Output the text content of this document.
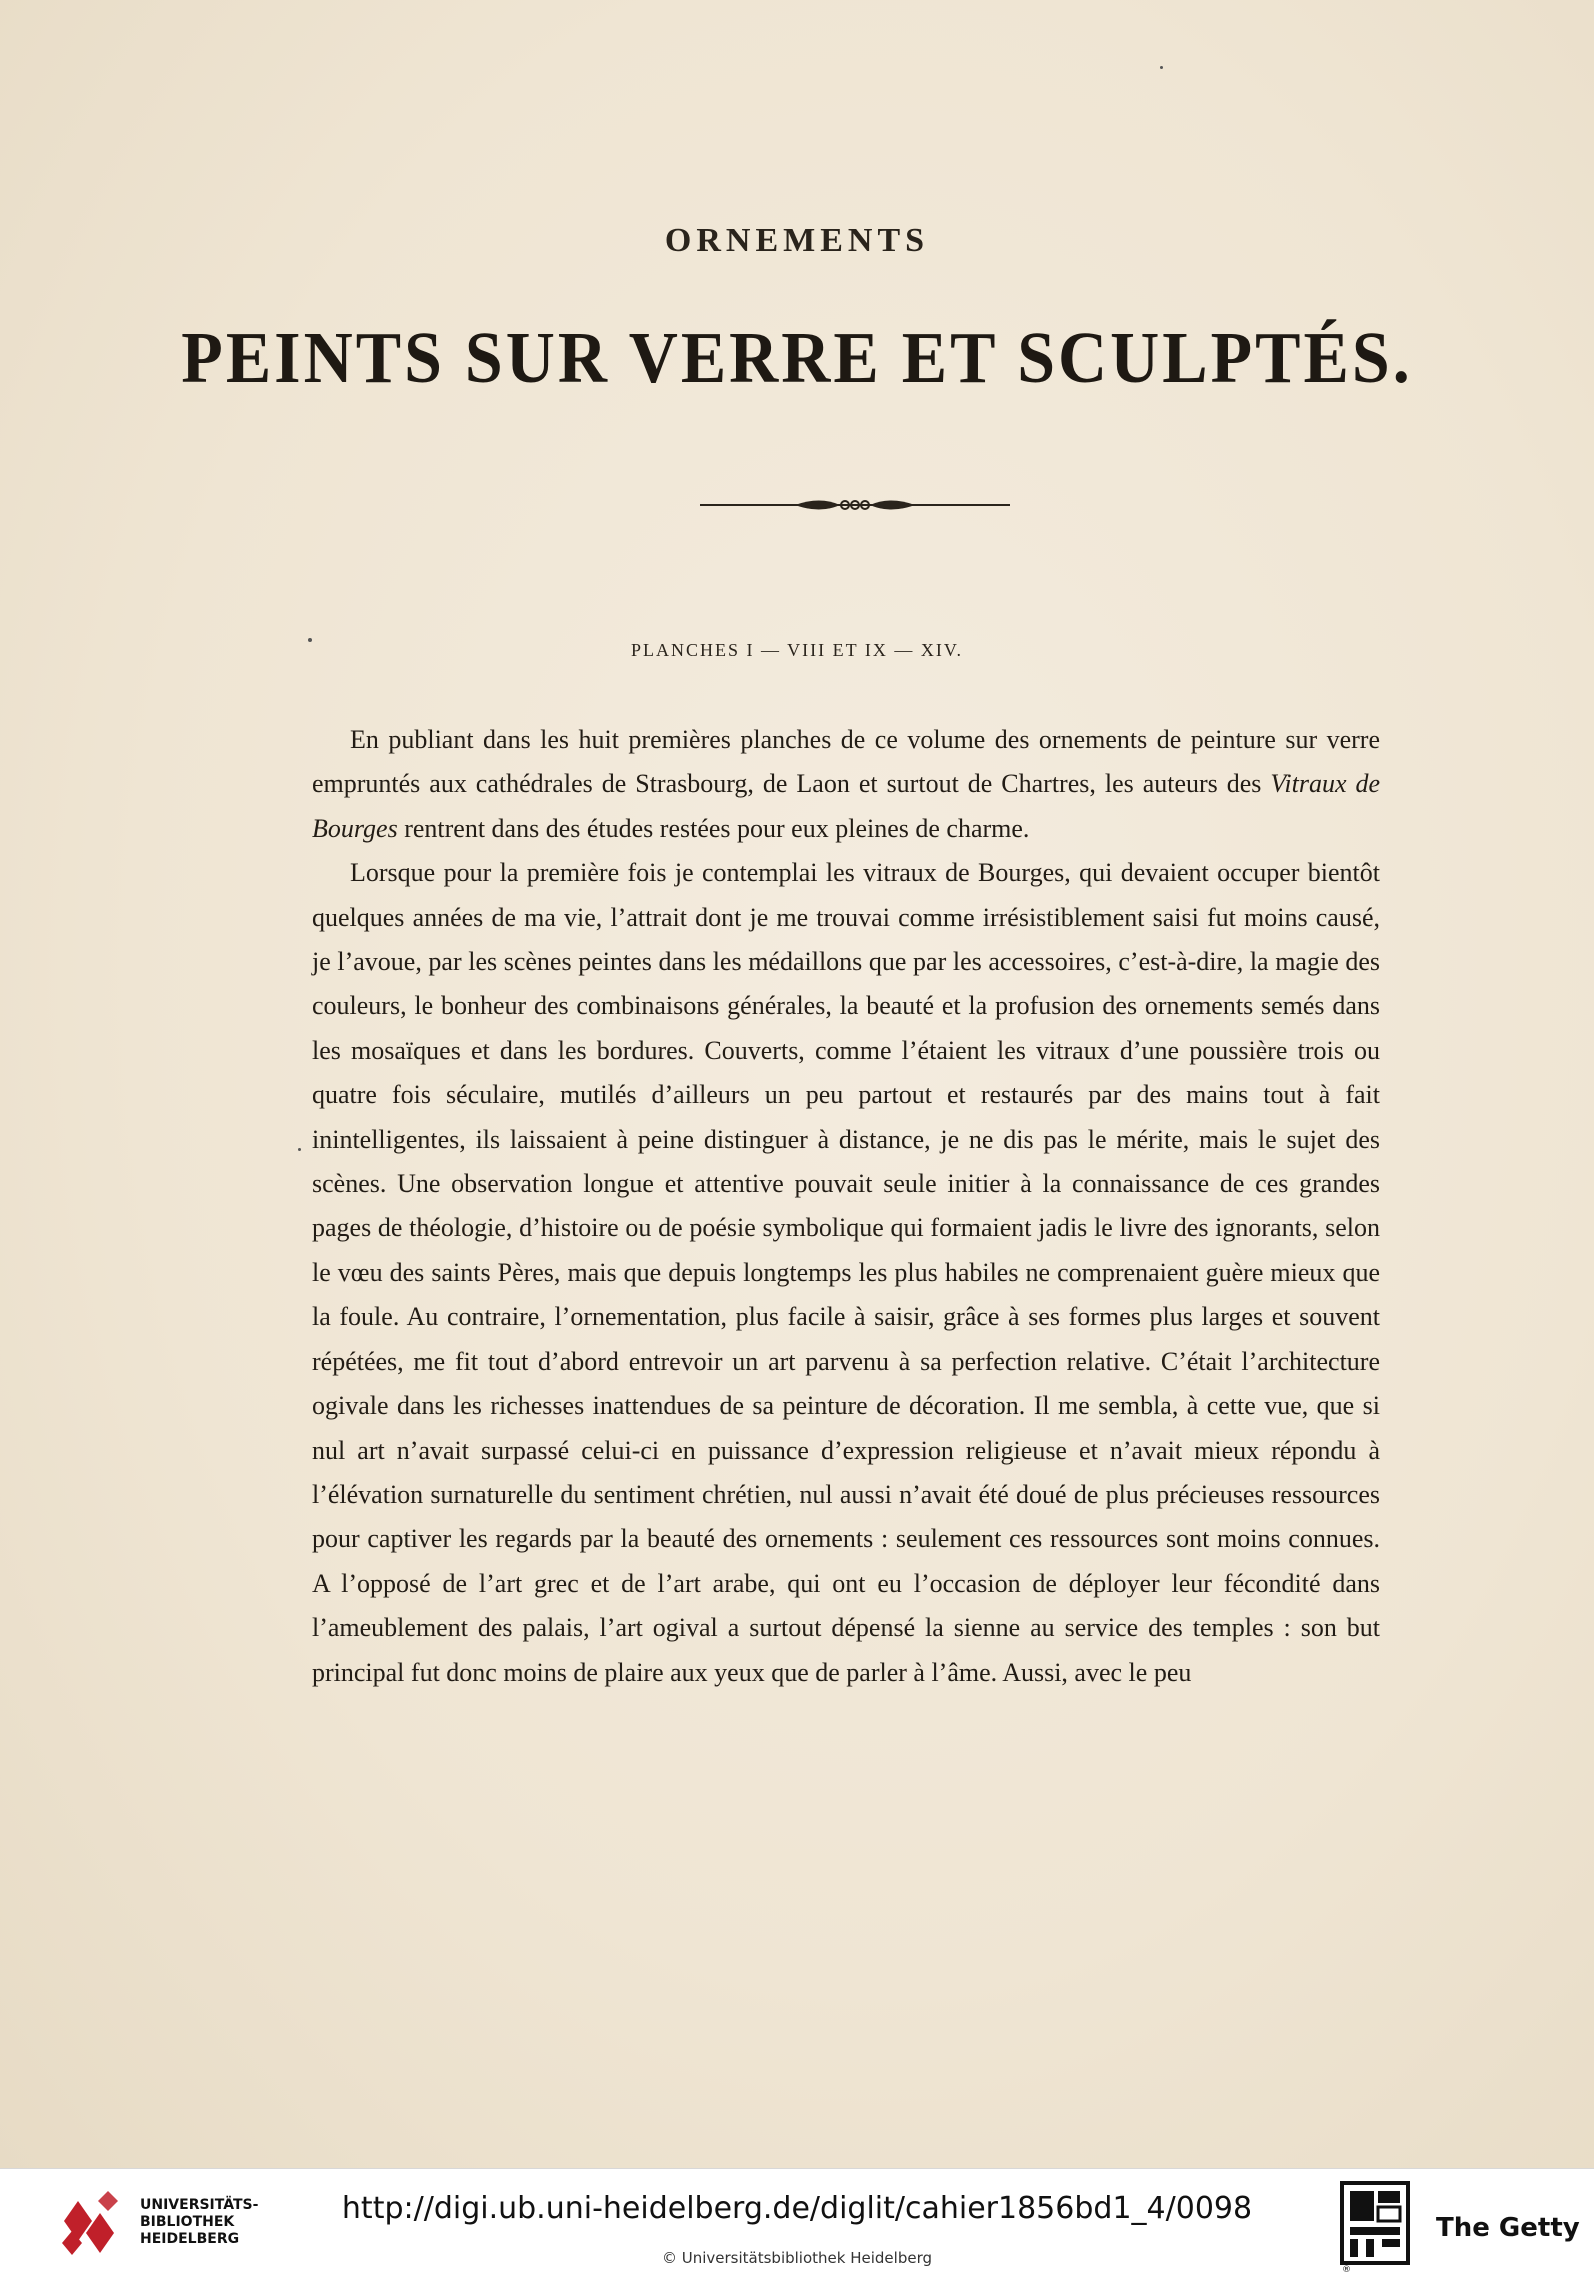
ORNEMENTS
PEINTS SUR VERRE ET SCULPTÉS.
PLANCHES I — VIII ET IX — XIV.

En publiant dans les huit premières planches de ce volume des ornements de peinture sur verre empruntés aux cathédrales de Strasbourg, de Laon et surtout de Chartres, les auteurs des Vitraux de Bourges rentrent dans des études restées pour eux pleines de charme.

Lorsque pour la première fois je contemplai les vitraux de Bourges, qui devaient occuper bientôt quelques années de ma vie, l’attrait dont je me trouvai comme irrésistiblement saisi fut moins causé, je l’avoue, par les scènes peintes dans les médaillons que par les accessoires, c’est-à-dire, la magie des couleurs, le bonheur des combinaisons générales, la beauté et la profusion des ornements semés dans les mosaïques et dans les bordures. Couverts, comme l’étaient les vitraux d’une poussière trois ou quatre fois séculaire, mutilés d’ailleurs un peu partout et restaurés par des mains tout à fait inintelligentes, ils laissaient à peine distinguer à distance, je ne dis pas le mérite, mais le sujet des scènes. Une observation longue et attentive pouvait seule initier à la connaissance de ces grandes pages de théologie, d’histoire ou de poésie symbolique qui formaient jadis le livre des ignorants, selon le vœu des saints Pères, mais que depuis longtemps les plus habiles ne comprenaient guère mieux que la foule. Au contraire, l’ornementation, plus facile à saisir, grâce à ses formes plus larges et souvent répétées, me fit tout d’abord entrevoir un art parvenu à sa perfection relative. C’était l’architecture ogivale dans les richesses inattendues de sa peinture de décoration. Il me sembla, à cette vue, que si nul art n’avait surpassé celui-ci en puissance d’expression religieuse et n’avait mieux répondu à l’élévation surnaturelle du sentiment chrétien, nul aussi n’avait été doué de plus précieuses ressources pour captiver les regards par la beauté des ornements : seulement ces ressources sont moins connues. A l’opposé de l’art grec et de l’art arabe, qui ont eu l’occasion de déployer leur fécondité dans l’ameublement des palais, l’art ogival a surtout dépensé la sienne au service des temples : son but principal fut donc moins de plaire aux yeux que de parler à l’âme. Aussi, avec le peu

UNIVERSITÄTS-
BIBLIOTHEK
HEIDELBERG
http://digi.ub.uni-heidelberg.de/diglit/cahier1856bd1_4/0098
© Universitätsbibliothek Heidelberg
®
The Getty
